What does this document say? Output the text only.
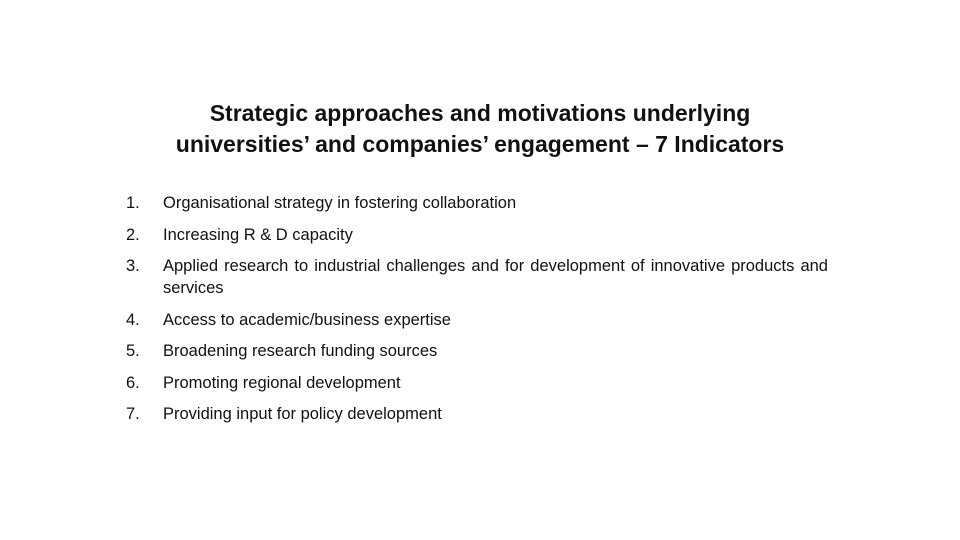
Strategic approaches and motivations underlying
universities’ and companies’ engagement – 7 Indicators
1. Organisational strategy in fostering collaboration
2. Increasing R & D capacity
3. Applied research to industrial challenges and for development of innovative products and services
4. Access to academic/business expertise
5. Broadening research funding sources
6. Promoting regional development
7. Providing input for policy development
